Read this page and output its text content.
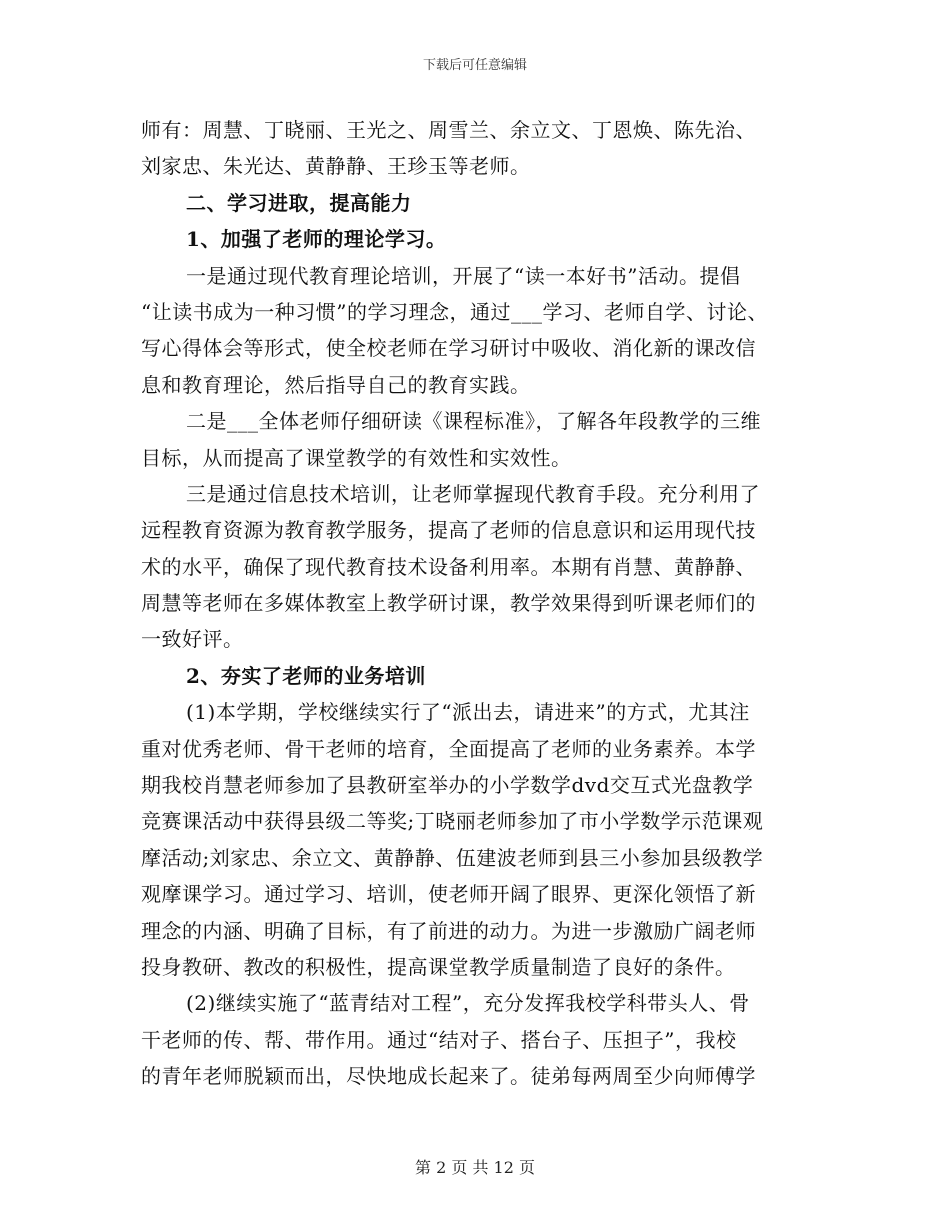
下载后可任意编辑
师有：周慧、丁晓丽、王光之、周雪兰、余立文、丁恩焕、陈先治、
刘家忠、朱光达、黄静静、王珍玉等老师。
二、学习进取，提高能力
1、加强了老师的理论学习。
一是通过现代教育理论培训，开展了“读一本好书”活动。提倡
“让读书成为一种习惯”的学习理念，通过___学习、老师自学、讨论、
写心得体会等形式，使全校老师在学习研讨中吸收、消化新的课改信
息和教育理论，然后指导自己的教育实践。
二是___全体老师仔细研读《课程标准》，了解各年段教学的三维
目标，从而提高了课堂教学的有效性和实效性。
三是通过信息技术培训，让老师掌握现代教育手段。充分利用了
远程教育资源为教育教学服务，提高了老师的信息意识和运用现代技
术的水平，确保了现代教育技术设备利用率。本期有肖慧、黄静静、
周慧等老师在多媒体教室上教学研讨课，教学效果得到听课老师们的
一致好评。
2、夯实了老师的业务培训
(1)本学期，学校继续实行了“派出去，请进来”的方式，尤其注
重对优秀老师、骨干老师的培育，全面提高了老师的业务素养。本学
期我校肖慧老师参加了县教研室举办的小学数学dvd交互式光盘教学
竞赛课活动中获得县级二等奖;丁晓丽老师参加了市小学数学示范课观
摩活动;刘家忠、余立文、黄静静、伍建波老师到县三小参加县级教学
观摩课学习。通过学习、培训，使老师开阔了眼界、更深化领悟了新
理念的内涵、明确了目标，有了前进的动力。为进一步激励广阔老师
投身教研、教改的积极性，提高课堂教学质量制造了良好的条件。
(2)继续实施了“蓝青结对工程”，充分发挥我校学科带头人、骨
干老师的传、帮、带作用。通过“结对子、搭台子、压担子”，我校
的青年老师脱颖而出，尽快地成长起来了。徒弟每两周至少向师傅学
第 2 页 共 12 页
